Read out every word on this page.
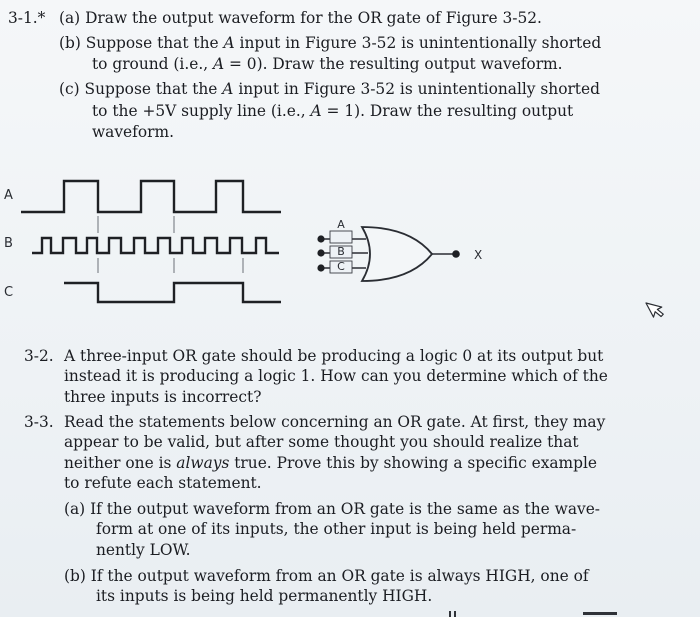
3-1.* (a) Draw the output waveform for the OR gate of Figure 3-52.
(b) Suppose that the A input in Figure 3-52 is unintentionally shorted
to ground (i.e., A = 0). Draw the resulting output waveform.
(c) Suppose that the A input in Figure 3-52 is unintentionally shorted
to the +5V supply line (i.e., A = 1). Draw the resulting output
waveform.
A
B
C
A
B
C
X
3-2. A three-input OR gate should be producing a logic 0 at its output but
instead it is producing a logic 1. How can you determine which of the
three inputs is incorrect?
3-3. Read the statements below concerning an OR gate. At first, they may
appear to be valid, but after some thought you should realize that
neither one is always true. Prove this by showing a specific example
to refute each statement.
(a) If the output waveform from an OR gate is the same as the wave-
form at one of its inputs, the other input is being held perma-
nently LOW.
(b) If the output waveform from an OR gate is always HIGH, one of
its inputs is being held permanently HIGH.
